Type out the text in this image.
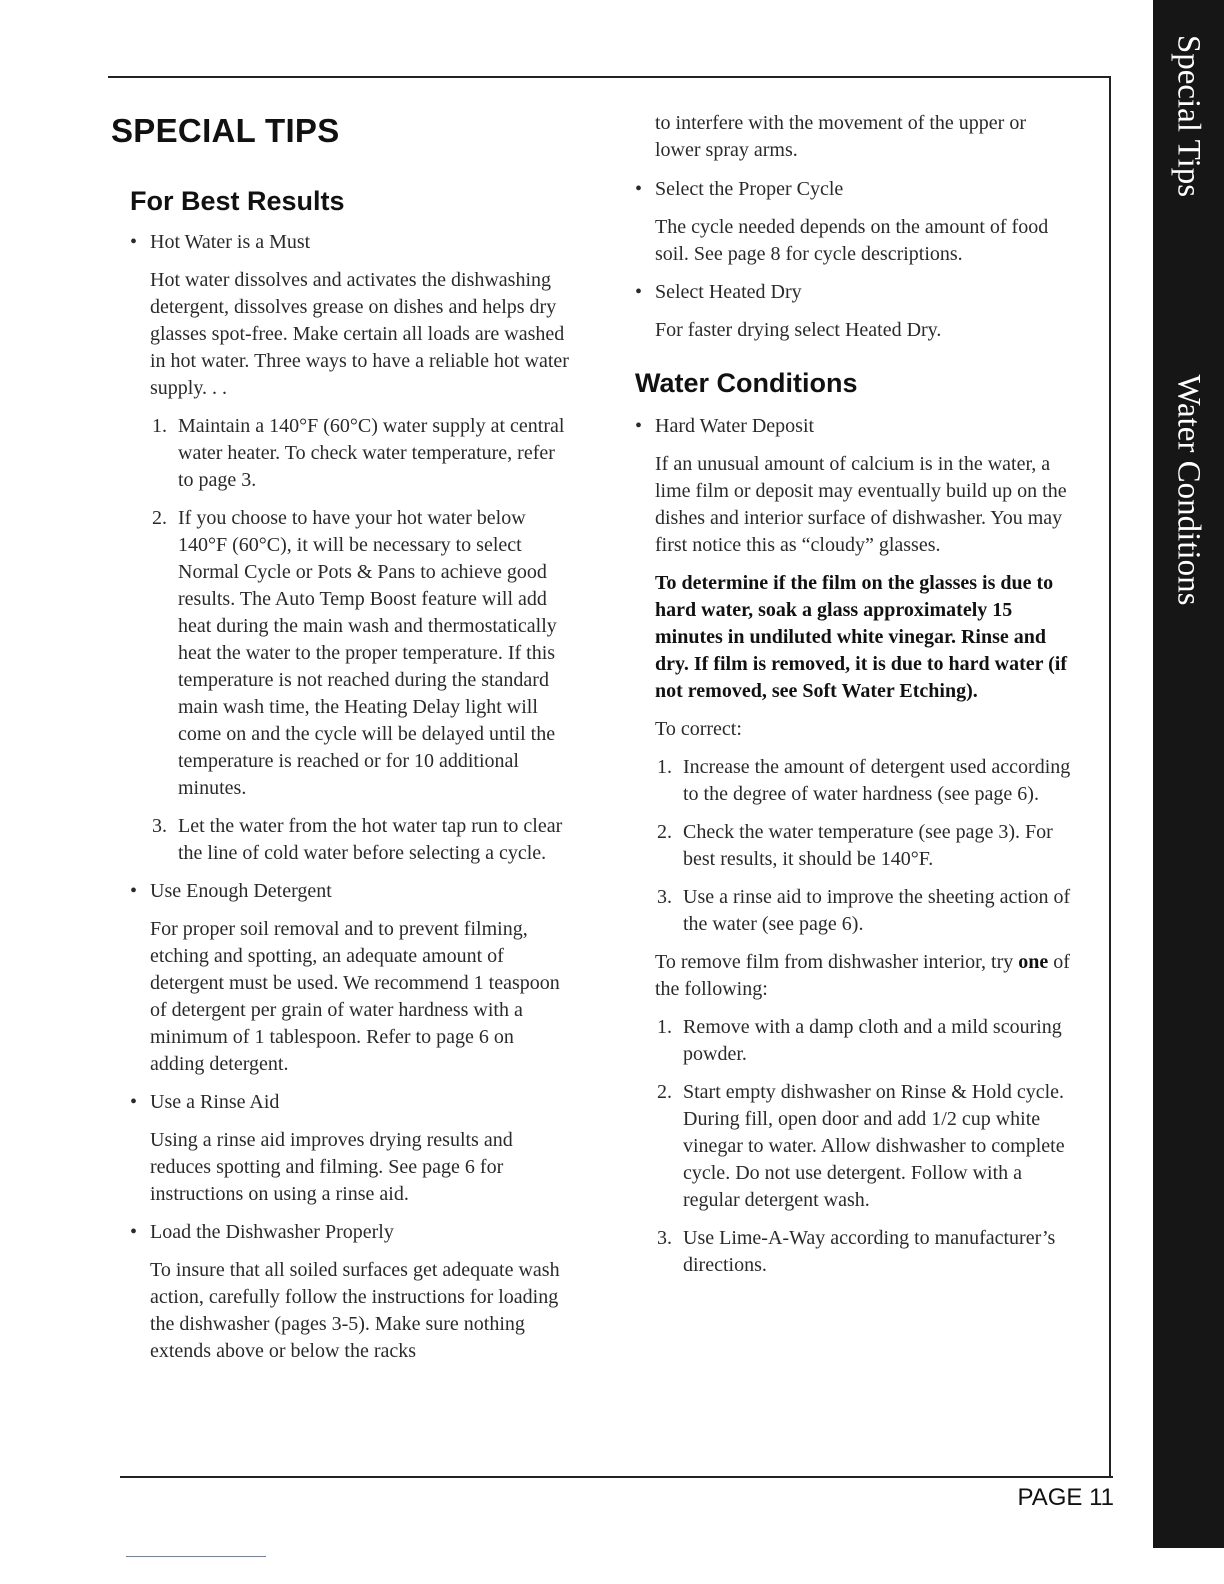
Special Tips
Water Conditions
SPECIAL TIPS
For Best Results
• Hot Water is a Must

Hot water dissolves and activates the dishwashing detergent, dissolves grease on dishes and helps dry glasses spot-free. Make certain all loads are washed in hot water. Three ways to have a reliable hot water supply. . .

1. Maintain a 140°F (60°C) water supply at central water heater. To check water temperature, refer to page 3.
2. If you choose to have your hot water below 140°F (60°C), it will be necessary to select Normal Cycle or Pots & Pans to achieve good results. The Auto Temp Boost feature will add heat during the main wash and thermostatically heat the water to the proper temperature. If this temperature is not reached during the standard main wash time, the Heating Delay light will come on and the cycle will be delayed until the temperature is reached or for 10 additional minutes.
3. Let the water from the hot water tap run to clear the line of cold water before selecting a cycle.
• Use Enough Detergent

For proper soil removal and to prevent filming, etching and spotting, an adequate amount of detergent must be used. We recommend 1 teaspoon of detergent per grain of water hardness with a minimum of 1 tablespoon. Refer to page 6 on adding detergent.

• Use a Rinse Aid

Using a rinse aid improves drying results and reduces spotting and filming. See page 6 for instructions on using a rinse aid.

• Load the Dishwasher Properly

To insure that all soiled surfaces get adequate wash action, carefully follow the instructions for loading the dishwasher (pages 3-5). Make sure nothing extends above or below the racks

to interfere with the movement of the upper or lower spray arms.

• Select the Proper Cycle

The cycle needed depends on the amount of food soil. See page 8 for cycle descriptions.

• Select Heated Dry

For faster drying select Heated Dry.

Water Conditions
• Hard Water Deposit

If an unusual amount of calcium is in the water, a lime film or deposit may eventually build up on the dishes and interior surface of dishwasher. You may first notice this as “cloudy” glasses.

To determine if the film on the glasses is due to hard water, soak a glass approximately 15 minutes in undiluted white vinegar. Rinse and dry. If film is removed, it is due to hard water (if not removed, see Soft Water Etching).

To correct:

1. Increase the amount of detergent used according to the degree of water hardness (see page 6).
2. Check the water temperature (see page 3). For best results, it should be 140°F.
3. Use a rinse aid to improve the sheeting action of the water (see page 6).

To remove film from dishwasher interior, try one of the following:

1. Remove with a damp cloth and a mild scouring powder.
2. Start empty dishwasher on Rinse & Hold cycle. During fill, open door and add 1/2 cup white vinegar to water. Allow dishwasher to complete cycle. Do not use detergent. Follow with a regular detergent wash.
3. Use Lime-A-Way according to manufacturer’s directions.
PAGE 11
